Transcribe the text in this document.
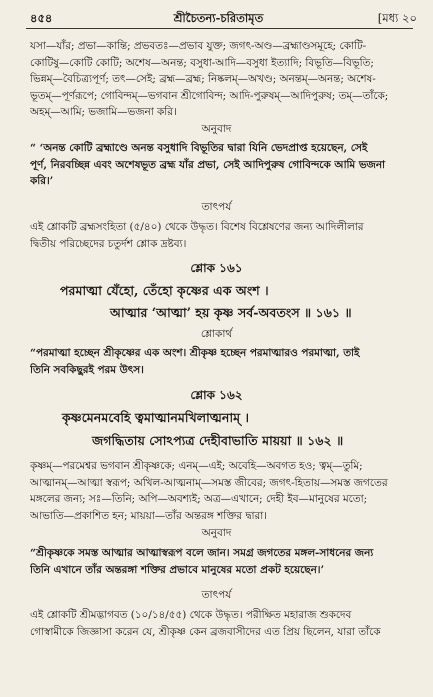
৪৫৪	শ্রীচৈতন্য-চরিতামৃত	[মধ্য ২০
যসা—যাঁর; প্রভা—কান্তি; প্রভবতঃ—প্রভাব যুক্ত; জগৎ-অণ্ড—ব্রহ্মাণ্ডসমূহে; কোটি-
কোটিষু—কোটি কোটি; অশেষ—অনন্ত; বসুধা-আদি—বসুধা ইত্যাদি; বিভূতি—বিভূতি;
ভিন্নম্—বৈচিত্র্যপূর্ণ; তৎ—সেই; ব্রহ্ম—ব্রহ্ম; নিষ্কলম্—অখণ্ড; অনন্তম্—অনন্ত; অশেষ-
ভূতম্—পূর্ণরূপে; গোবিন্দম্—ভগবান শ্রীগোবিন্দ; আদি-পুরুষম্—আদিপুরুষ; তম্—তাঁকে;
অহম্—আমি; ভজামি—ভজনা করি।
অনুবাদ
“ ‘অনন্ত কোটি ব্রহ্মাণ্ডে অনন্ত বসুধাদি বিভূতির দ্বারা যিনি ভেদপ্রাপ্ত হয়েছেন, সেই
পূর্ণ, নিরবচ্ছিন্ন এবং অশেষভূত ব্রহ্ম যাঁর প্রভা, সেই আদিপুরুষ গোবিন্দকে আমি ভজনা
করি।’
তাৎপর্য
এই শ্লোকটি ব্রহ্মসংহিতা (৫/৪০) থেকে উদ্ধৃত। বিশেষ বিশ্লেষণের জন্য আদিলীলার
দ্বিতীয় পরিচ্ছেদের চতুর্দশ শ্লোক দ্রষ্টব্য।
শ্লোক ১৬১
পরমাত্মা যেঁহো, তেঁহো কৃষ্ণের এক অংশ ।
আত্মার ‘আত্মা’ হয় কৃষ্ণ সর্ব-অবতংস ॥ ১৬১ ॥
শ্লোকার্থ
“পরমাত্মা হচ্ছেন শ্রীকৃষ্ণের এক অংশ। শ্রীকৃষ্ণ হচ্ছেন পরমাত্মারও পরমাত্মা, তাই
তিনি সবকিছুরই পরম উৎস।
শ্লোক ১৬২
কৃষ্ণমেনমবেহি ত্বমাত্মানমখিলাত্মনাম্ ।
জগদ্ধিতায় সোঽপ্যত্র দেহীবাভাতি মায়য়া ॥ ১৬২ ॥
কৃষ্ণম্—পরমেশ্বর ভগবান শ্রীকৃষ্ণকে; এনম্—এই; অবেহি—অবগত হও; ত্বম্—তুমি;
আত্মানম্—আত্মা স্বরূপ; অখিল-আত্মনাম্—সমস্ত জীবের; জগৎ-হিতায়—সমস্ত জগতের
মঙ্গলের জন্য; সঃ—তিনি; অপি—অবশ্যই; অত্র—এখানে; দেহী ইব—মানুষের মতো;
আভাতি—প্রকাশিত হন; মায়য়া—তাঁর অন্তরঙ্গ শক্তির দ্বারা।
অনুবাদ
“শ্রীকৃষ্ণকে সমস্ত আত্মার আত্মাস্বরূপ বলে জান। সমগ্র জগতের মঙ্গল-সাধনের জন্য
তিনি এখানে তাঁর অন্তরঙ্গা শক্তির প্রভাবে মানুষের মতো প্রকট হয়েছেন।’
তাৎপর্য
এই শ্লোকটি শ্রীমদ্ভাগবত (১০/১৪/৫৫) থেকে উদ্ধৃত। পরীক্ষিত মহারাজ শুকদেব
গোস্বামীকে জিজ্ঞাসা করেন যে, শ্রীকৃষ্ণ কেন ব্রজবাসীদের এত প্রিয় ছিলেন, যারা তাঁকে
